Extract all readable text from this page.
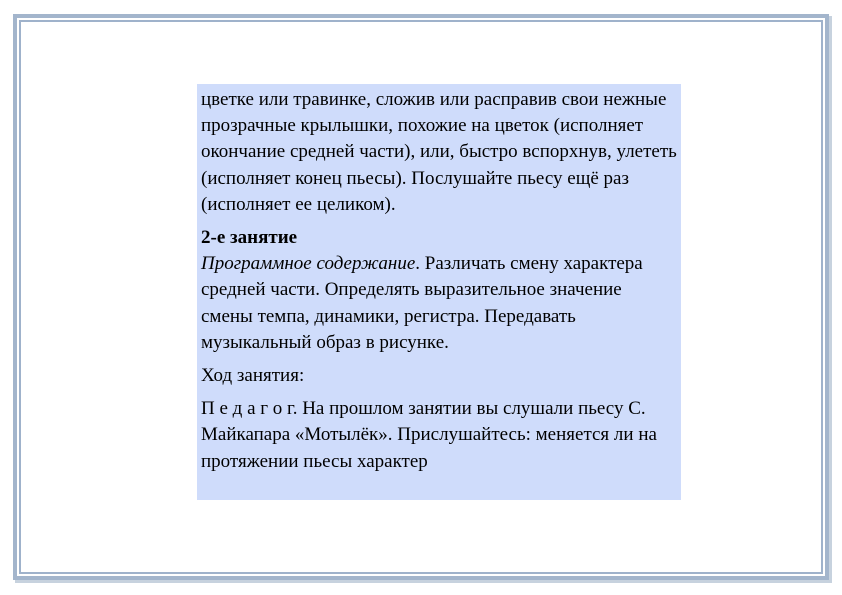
цветке или травинке, сложив или расправив свои нежные прозрачные крылышки, похожие на цветок (исполняет окончание средней части), или, быстро вспорхнув, улететь (исполняет конец пьесы). Послушайте пьесу ещё раз (исполняет ее целиком).

2-е занятие

Программное содержание. Различать смену характера средней части. Определять выразительное значение смены темпа, динамики, регистра. Передавать музыкальный образ в рисунке.

Ход занятия:

П е д а г о г. На прошлом занятии вы слушали пьесу С. Майкапара «Мотылёк». Прислушайтесь: меняется ли на протяжении пьесы характер
